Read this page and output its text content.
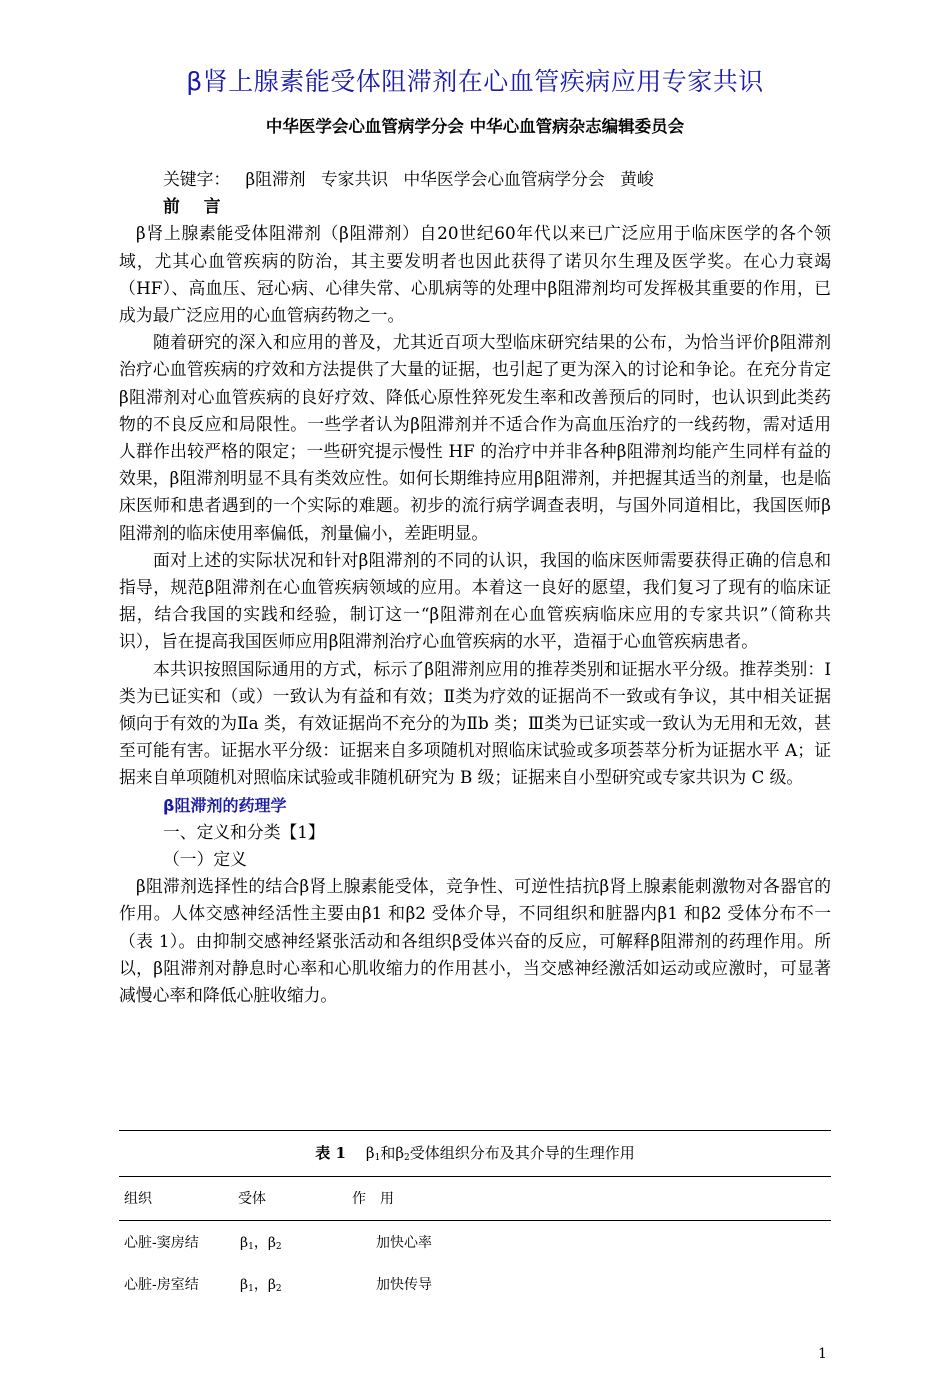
β肾上腺素能受体阻滞剂在心血管疾病应用专家共识
中华医学会心血管病学分会 中华心血管病杂志编辑委员会

关键字： β阻滞剂 专家共识 中华医学会心血管病学分会 黄峻

前 言

β肾上腺素能受体阻滞剂（β阻滞剂）自20世纪60年代以来已广泛应用于临床医学的各个领域，尤其心血管疾病的防治，其主要发明者也因此获得了诺贝尔生理及医学奖。在心力衰竭（HF）、高血压、冠心病、心律失常、心肌病等的处理中β阻滞剂均可发挥极其重要的作用，已成为最广泛应用的心血管病药物之一。

随着研究的深入和应用的普及，尤其近百项大型临床研究结果的公布，为恰当评价β阻滞剂治疗心血管疾病的疗效和方法提供了大量的证据，也引起了更为深入的讨论和争论。在充分肯定β阻滞剂对心血管疾病的良好疗效、降低心原性猝死发生率和改善预后的同时，也认识到此类药物的不良反应和局限性。一些学者认为β阻滞剂并不适合作为高血压治疗的一线药物，需对适用人群作出较严格的限定；一些研究提示慢性 HF 的治疗中并非各种β阻滞剂均能产生同样有益的效果，β阻滞剂明显不具有类效应性。如何长期维持应用β阻滞剂，并把握其适当的剂量，也是临床医师和患者遇到的一个实际的难题。初步的流行病学调查表明，与国外同道相比，我国医师β阻滞剂的临床使用率偏低，剂量偏小，差距明显。

面对上述的实际状况和针对β阻滞剂的不同的认识，我国的临床医师需要获得正确的信息和指导，规范β阻滞剂在心血管疾病领域的应用。本着这一良好的愿望，我们复习了现有的临床证据，结合我国的实践和经验，制订这一“β阻滞剂在心血管疾病临床应用的专家共识”（简称共识），旨在提高我国医师应用β阻滞剂治疗心血管疾病的水平，造福于心血管疾病患者。

本共识按照国际通用的方式，标示了β阻滞剂应用的推荐类别和证据水平分级。推荐类别：Ⅰ类为已证实和（或）一致认为有益和有效；Ⅱ类为疗效的证据尚不一致或有争议，其中相关证据倾向于有效的为Ⅱa 类，有效证据尚不充分的为Ⅱb 类；Ⅲ类为已证实或一致认为无用和无效，甚至可能有害。证据水平分级：证据来自多项随机对照临床试验或多项荟萃分析为证据水平 A；证据来自单项随机对照临床试验或非随机研究为 B 级；证据来自小型研究或专家共识为 C 级。

β阻滞剂的药理学

一、定义和分类【1】

（一）定义

β阻滞剂选择性的结合β肾上腺素能受体，竞争性、可逆性拮抗β肾上腺素能刺激物对各器官的作用。人体交感神经活性主要由β1 和β2 受体介导，不同组织和脏器内β1 和β2 受体分布不一（表 1）。由抑制交感神经紧张活动和各组织β受体兴奋的反应，可解释β阻滞剂的药理作用。所以，β阻滞剂对静息时心率和心肌收缩力的作用甚小，当交感神经激活如运动或应激时，可显著减慢心率和降低心脏收缩力。

表 1 $\beta_1$和$\beta_2$受体组织分布及其介导的生理作用
组织	受体	作　用
心脏-窦房结	$\beta_1$，$\beta_2$	加快心率
心脏-房室结	$\beta_1$，$\beta_2$	加快传导
1
